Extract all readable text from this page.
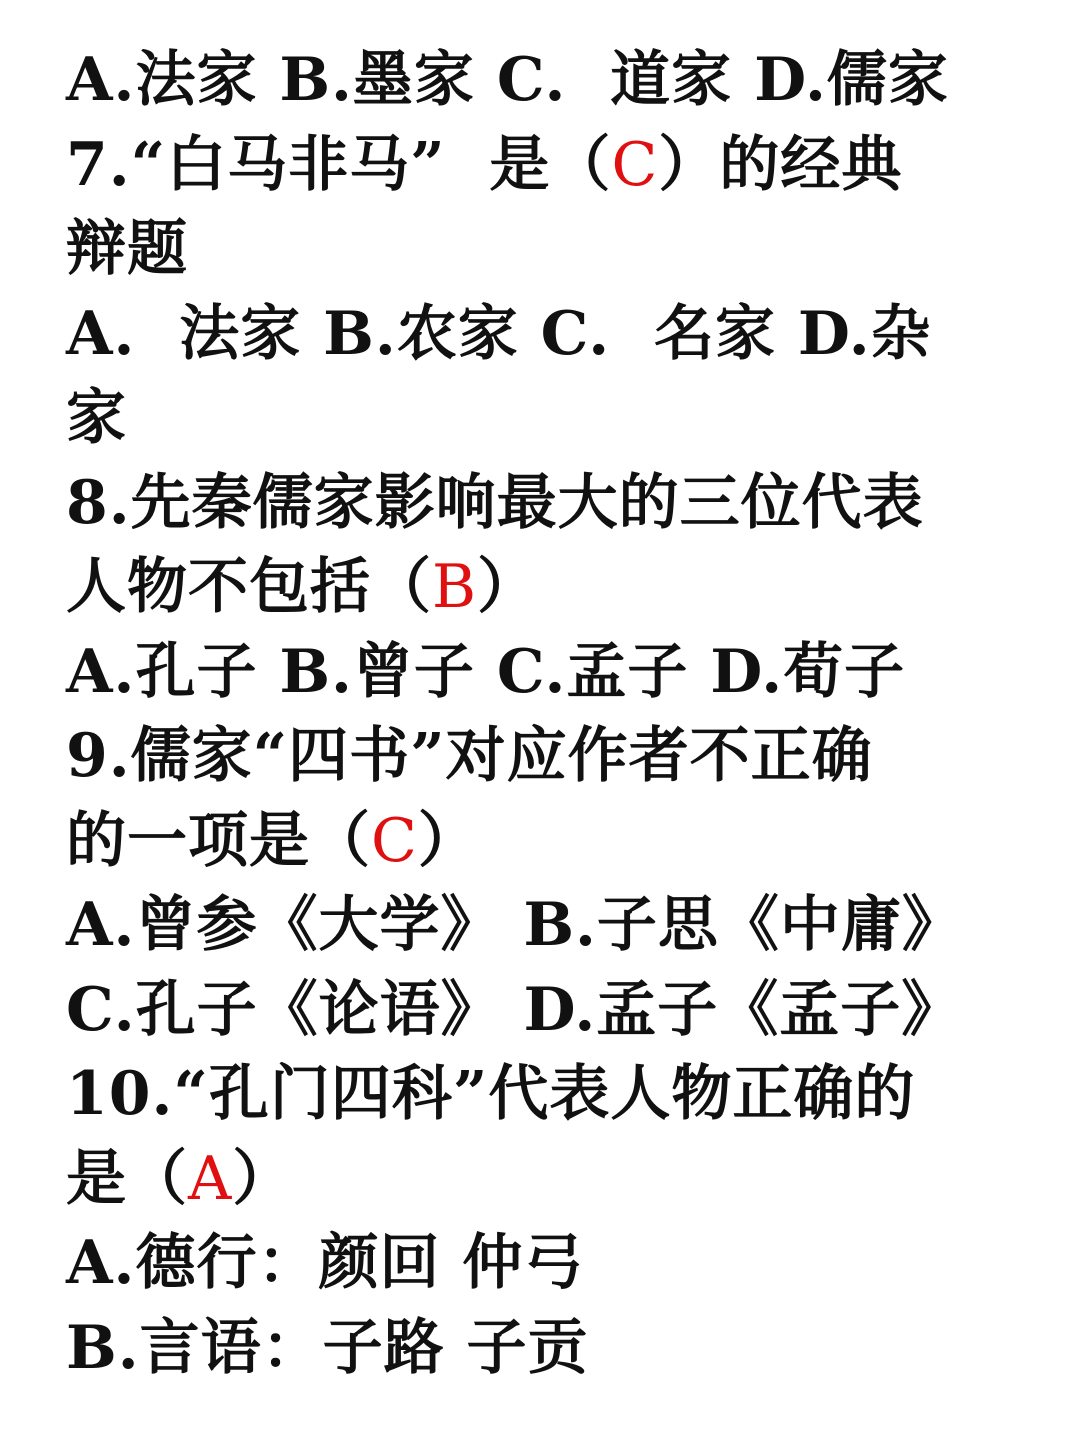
A.法家 B.墨家 C.  道家 D.儒家
7.“白马非马”  是（C）的经典
辩题
A.  法家 B.农家 C.  名家 D.杂
家
8.先秦儒家影响最大的三位代表
人物不包括（B）
A.孔子 B.曾子 C.孟子 D.荀子
9.儒家“四书”对应作者不正确
的一项是（C）
A.曾参《大学》 B.子思《中庸》
C.孔子《论语》 D.孟子《孟子》
10.“孔门四科”代表人物正确的
是（A）
A.德行：颜回 仲弓
B.言语：子路 子贡
